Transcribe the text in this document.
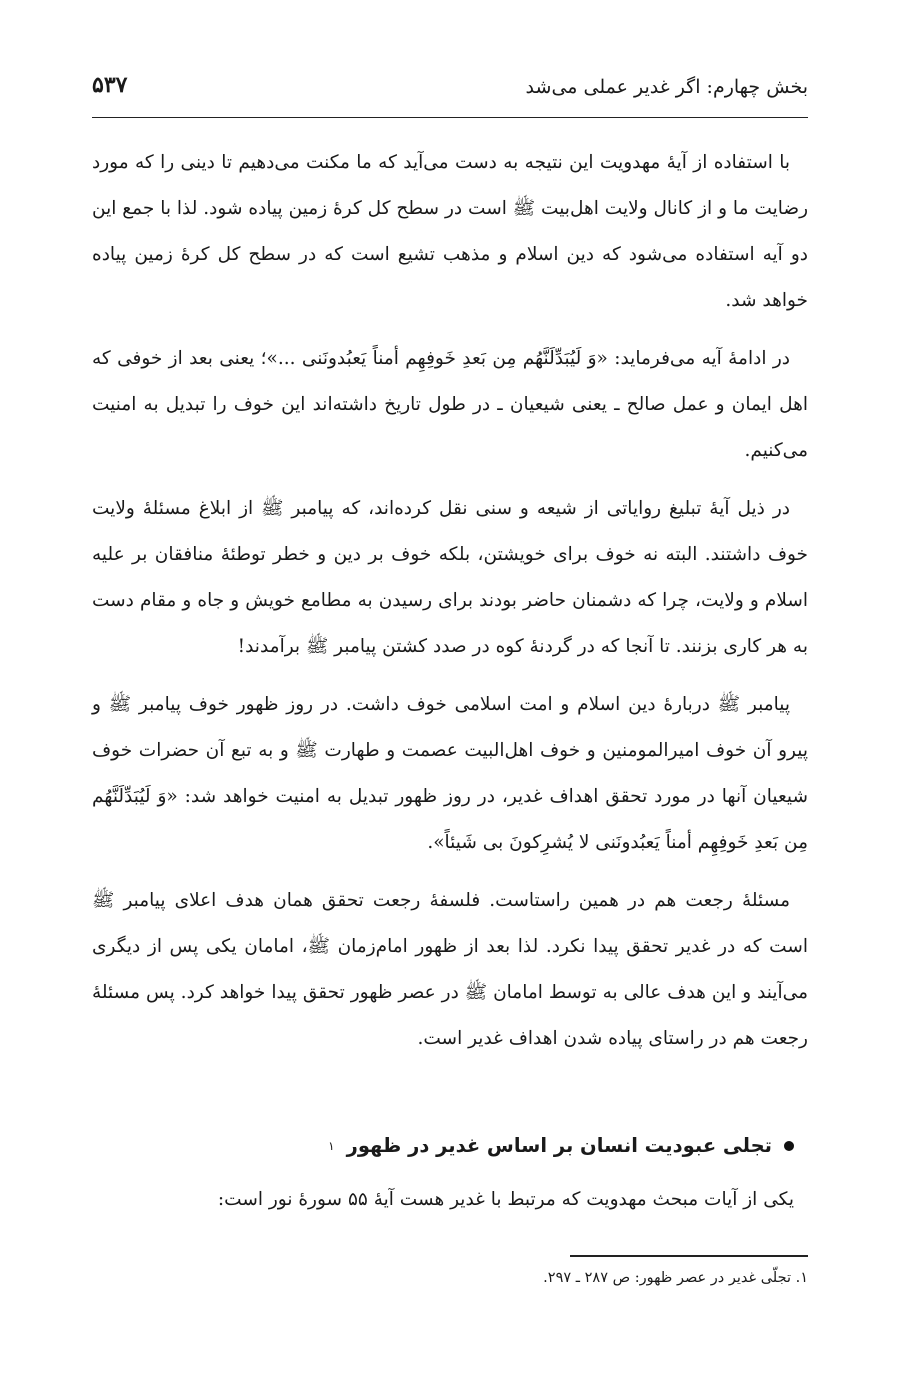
بخش چهارم: اگر غدیر عملی می‌شد
۵۳۷

با استفاده از آیۀ مهدویت این نتیجه به دست می‌آید که ما مکنت می‌دهیم تا دینی را که مورد رضایت ما و از کانال ولایت اهل‌بیت ﷺ است در سطح کل کرۀ زمین پیاده شود. لذا با جمع این دو آیه استفاده می‌شود که دین اسلام و مذهب تشیع است که در سطح کل کرۀ زمین پیاده خواهد شد.

در ادامۀ آیه می‌فرماید: «وَ لَیُبَدِّلَنَّهُم مِن بَعدِ خَوفِهِم أمناً یَعبُدونَنی ...»؛ یعنی بعد از خوفی که اهل ایمان و عمل صالح ـ یعنی شیعیان ـ در طول تاریخ داشته‌اند این خوف را تبدیل به امنیت می‌کنیم.

در ذیل آیۀ تبلیغ روایاتی از شیعه و سنی نقل کرده‌اند، که پیامبر ﷺ از ابلاغ مسئلۀ ولایت خوف داشتند. البته نه خوف برای خویشتن، بلکه خوف بر دین و خطر توطئۀ منافقان بر علیه اسلام و ولایت، چرا که دشمنان حاضر بودند برای رسیدن به مطامع خویش و جاه و مقام دست به هر کاری بزنند. تا آنجا که در گردنۀ کوه در صدد کشتن پیامبر ﷺ برآمدند!

پیامبر ﷺ دربارۀ دین اسلام و امت اسلامی خوف داشت. در روز ظهور خوف پیامبر ﷺ و پیرو آن خوف امیرالمومنین و خوف اهل‌البیت عصمت و طهارت ﷺ و به تبع آن حضرات خوف شیعیان آنها در مورد تحقق اهداف غدیر، در روز ظهور تبدیل به امنیت خواهد شد: «وَ لَیُبَدِّلَنَّهُم مِن بَعدِ خَوفِهِم أمناً یَعبُدونَنی لا یُشرِکونَ بی شَیئاً».

مسئلۀ رجعت هم در همین راستاست. فلسفۀ رجعت تحقق همان هدف اعلای پیامبر ﷺ است که در غدیر تحقق پیدا نکرد. لذا بعد از ظهور امام‌زمان ﷺ، امامان یکی پس از دیگری می‌آیند و این هدف عالی به توسط امامان ﷺ در عصر ظهور تحقق پیدا خواهد کرد. پس مسئلۀ رجعت هم در راستای پیاده شدن اهداف غدیر است.

تجلی عبودیت انسان بر اساس غدیر در ظهور
۱
یکی از آیات مبحث مهدویت که مرتبط با غدیر هست آیۀ ۵۵ سورۀ نور است:
۱. تجلّی غدیر در عصر ظهور: ص ۲۸۷ ـ ۲۹۷.
